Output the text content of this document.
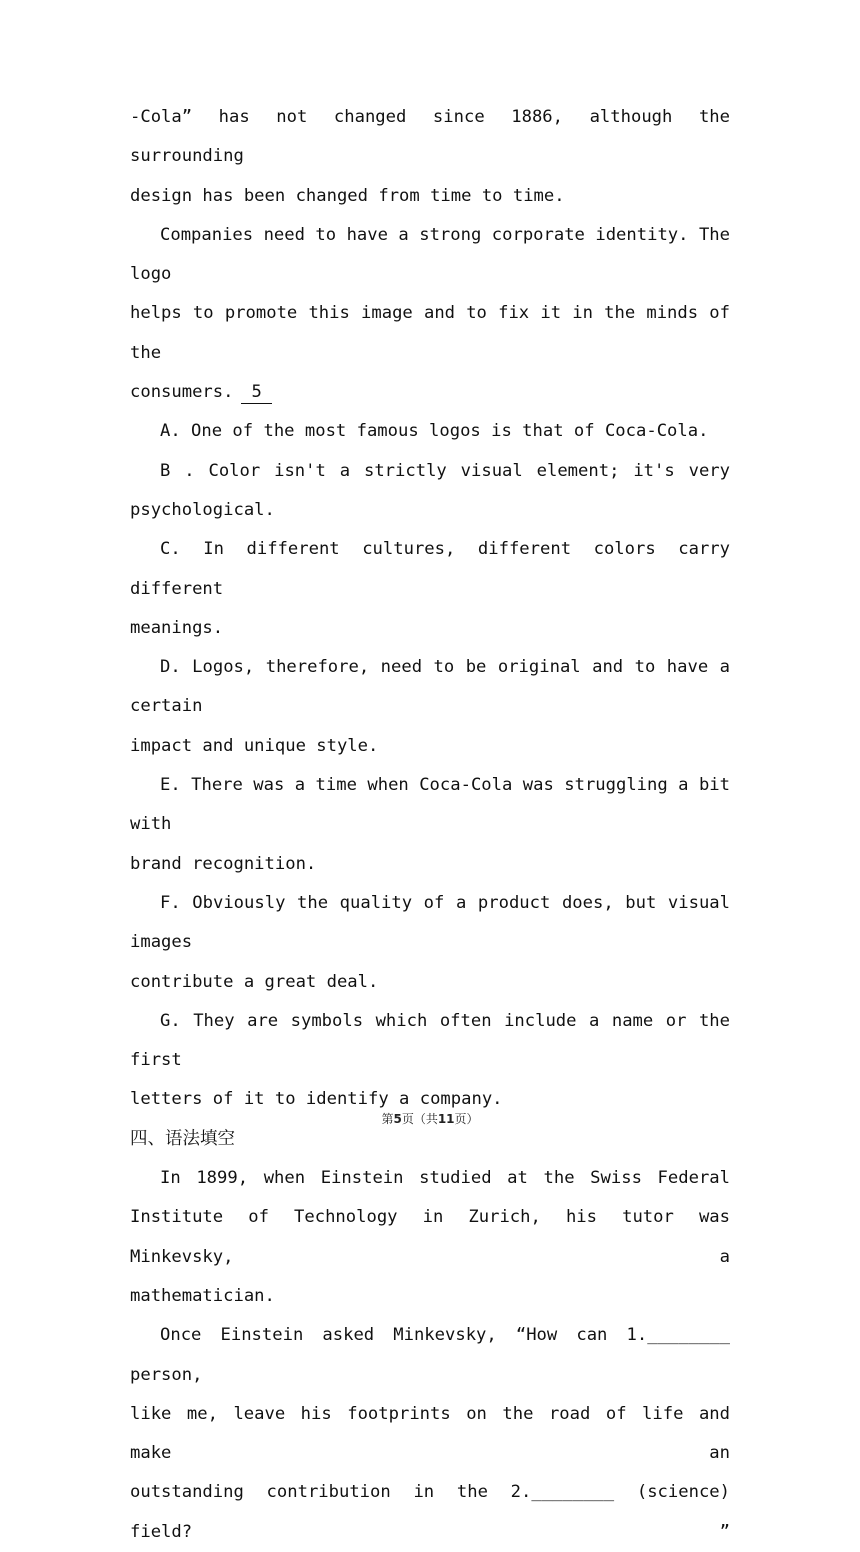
-Cola” has not changed since 1886, although the surrounding

design has been changed from time to time.

Companies need to have a strong corporate identity. The logo

helps to promote this image and to fix it in the minds of the

consumers. 5

A. One of the most famous logos is that of Coca-Cola.

B . Color isn't a strictly visual element; it's very

psychological.

C. In different cultures, different colors carry different

meanings.

D. Logos, therefore, need to be original and to have a certain

impact and unique style.

E. There was a time when Coca-Cola was struggling a bit with

brand recognition.

F. Obviously the quality of a product does, but visual images

contribute a great deal.

G. They are symbols which often include a name or the first

letters of it to identify a company.

四、语法填空

In 1899, when Einstein studied at the Swiss Federal

Institute of Technology in Zurich, his tutor was Minkevsky, a

mathematician.

Once Einstein asked Minkevsky, “How can 1.________ person,

like me, leave his footprints on the road of life and make an

outstanding contribution in the 2.________ (science) field? ”

第5页（共11页）
